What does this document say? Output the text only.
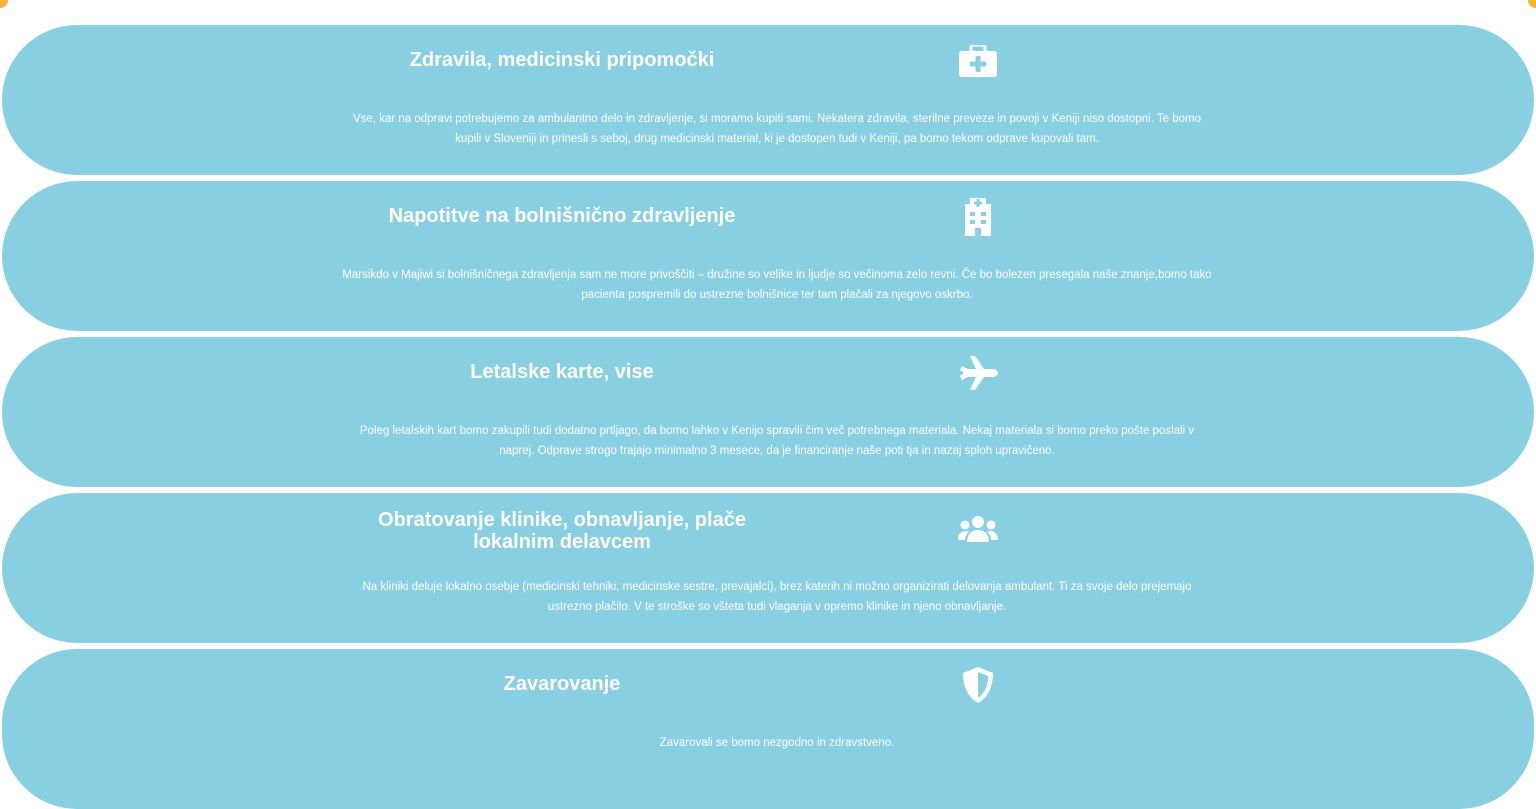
Zdravila, medicinski pripomočki
Vse, kar na odpravi potrebujemo za ambulantno delo in zdravljenje, si moramo kupiti sami. Nekatera zdravila, sterilne preveze in povoji v Keniji niso dostopni. Te bomo kupili v Sloveniji in prinesli s seboj, drug medicinski material, ki je dostopen tudi v Keniji, pa bomo tekom odprave kupovali tam.
Napotitve na bolnišnično zdravljenje
Marsikdo v Majiwi si bolnišničnega zdravljenja sam ne more privoščiti – družine so velike in ljudje so večinoma zelo revni. Če bo bolezen presegala naše znanje,bomo tako pacienta pospremili do ustrezne bolnišnice ter tam plačali za njegovo oskrbo.
Letalske karte, vise
Poleg letalskih kart bomo zakupili tudi dodatno prtljago, da bomo lahko v Kenijo spravili čim več potrebnega materiala. Nekaj materiala si bomo preko pošte poslali v naprej. Odprave strogo trajajo minimalno 3 mesece, da je financiranje naše poti tja in nazaj sploh upravičeno.
Obratovanje klinike, obnavljanje, plače lokalnim delavcem
Na kliniki deluje lokalno osebje (medicinski tehniki, medicinske sestre, prevajalci), brez katerih ni možno organizirati delovanja ambulant. Ti za svoje delo prejemajo ustrezno plačilo. V te stroške so všteta tudi vlaganja v opremo klinike in njeno obnavljanje.
Zavarovanje
Zavarovali se bomo nezgodno in zdravstveno.
